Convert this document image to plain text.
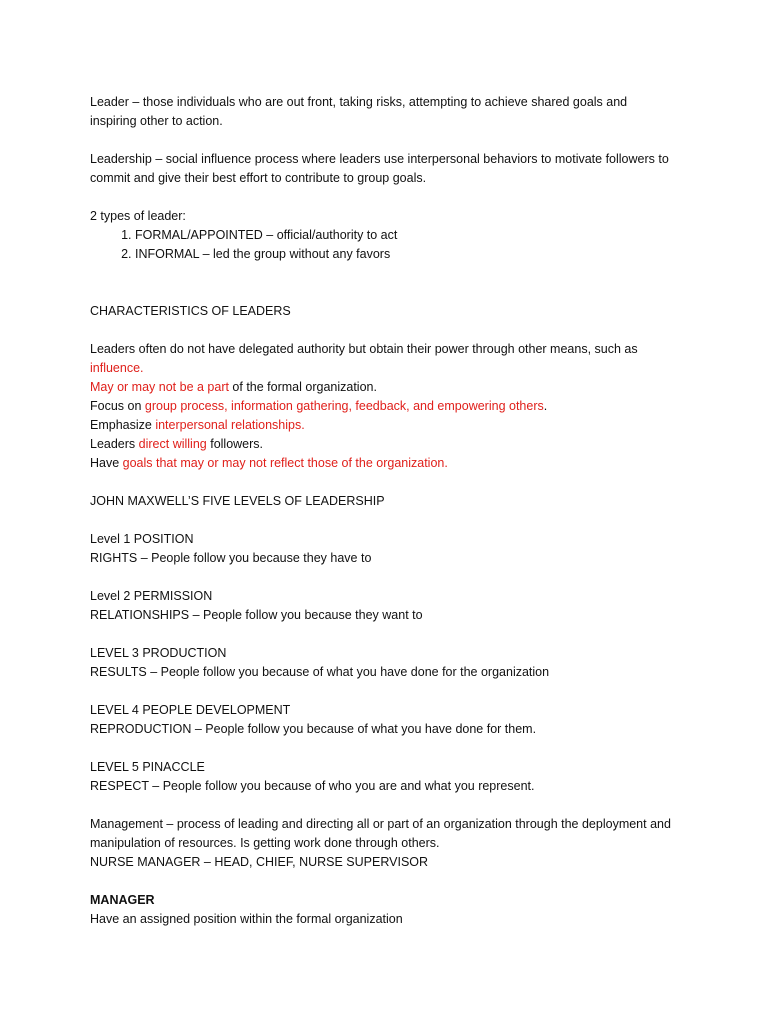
Leader – those individuals who are out front, taking risks, attempting to achieve shared goals and inspiring other to action.

Leadership – social influence process where leaders use interpersonal behaviors to motivate followers to commit and give their best effort to contribute to group goals.

2 types of leader:

1. FORMAL/APPOINTED – official/authority to act
2. INFORMAL – led the group without any favors

CHARACTERISTICS OF LEADERS

Leaders often do not have delegated authority but obtain their power through other means, such as influence.

May or may not be a part of the formal organization.

Focus on group process, information gathering, feedback, and empowering others.

Emphasize interpersonal relationships.

Leaders direct willing followers.

Have goals that may or may not reflect those of the organization.

JOHN MAXWELL’S FIVE LEVELS OF LEADERSHIP

Level 1 POSITION

RIGHTS – People follow you because they have to

Level 2 PERMISSION

RELATIONSHIPS – People follow you because they want to

LEVEL 3 PRODUCTION

RESULTS – People follow you because of what you have done for the organization

LEVEL 4 PEOPLE DEVELOPMENT

REPRODUCTION – People follow you because of what you have done for them.

LEVEL 5 PINACCLE

RESPECT – People follow you because of who you are and what you represent.

Management – process of leading and directing all or part of an organization through the deployment and manipulation of resources. Is getting work done through others.

NURSE MANAGER – HEAD, CHIEF, NURSE SUPERVISOR

MANAGER

Have an assigned position within the formal organization
